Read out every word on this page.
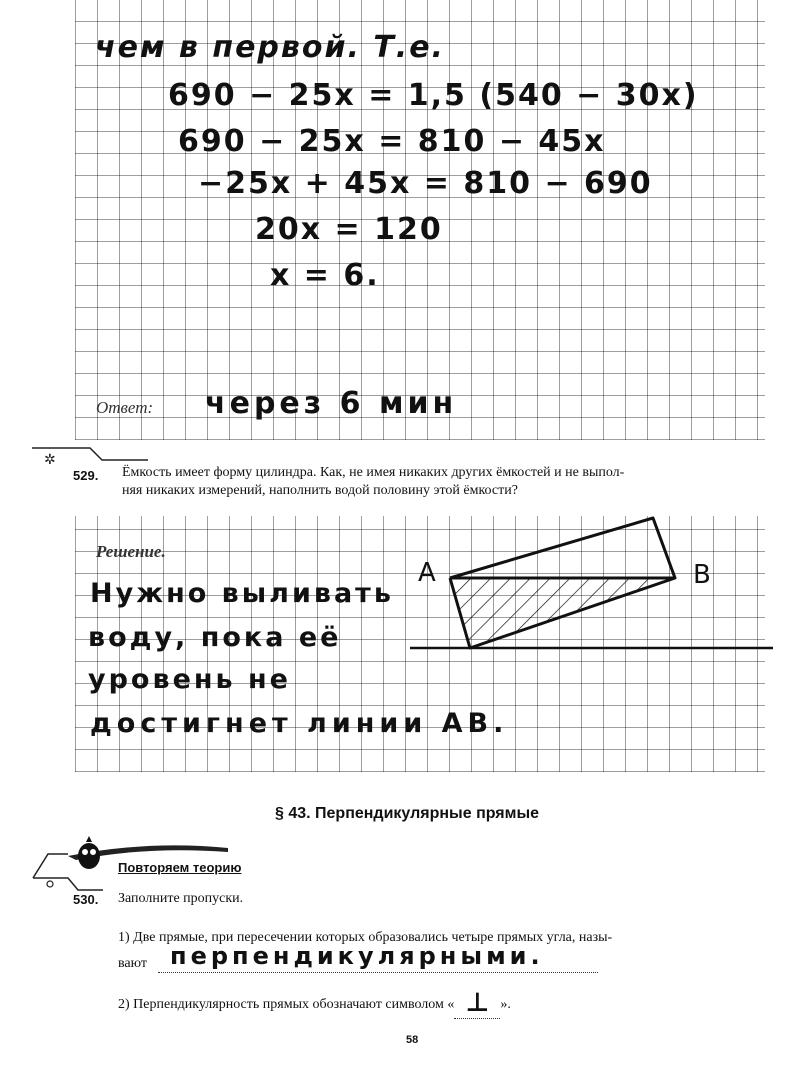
чем в первой. Т.е.
690 − 25x = 1,5 (540 − 30x)
690 − 25x = 810 − 45x
−25x + 45x = 810 − 690
20x = 120
x = 6.
Ответ: через 6 мин
✲
529. Ёмкость имеет форму цилиндра. Как, не имея никаких других ёмкостей и не выпол-
няя никаких измерений, наполнить водой половину этой ёмкости?
Решение.
Нужно выливать
воду, пока её
уровень не
достигнет линии AB.
A	B
§ 43. Перпендикулярные прямые
Повторяем теорию
530. Заполните пропуски.
1) Две прямые, при пересечении которых образовались четыре прямых угла, назы-
вают перпендикулярными.
2) Перпендикулярность прямых обозначают символом « ⊥ ».
58
